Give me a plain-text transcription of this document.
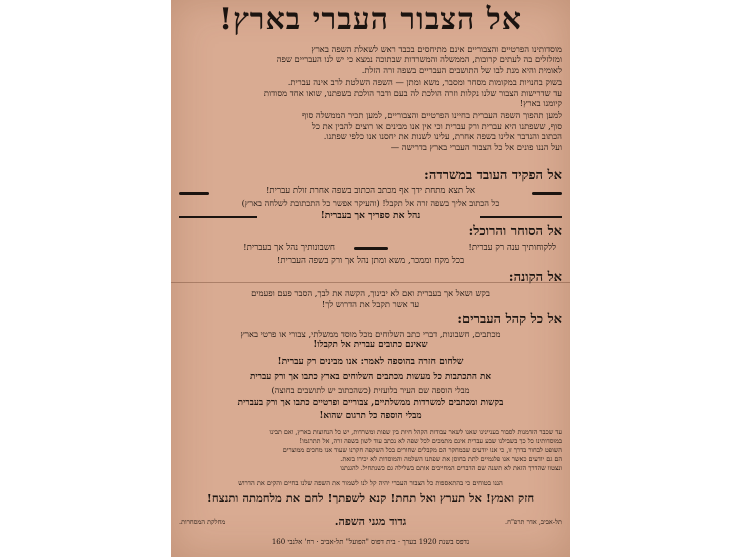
אל הצבור העברי בארץ!
מוסדותינו הפרטיים והצבוריים אינם מתיחסים בכבד ראש לשאלת השפה בארץ
ומזלזלים בה לעתים קרובות, הממשלה והמשרדות שבתוכה נמצא כי יש לנו העבריים שפה
לאומית והיא מנת לבו של התושבים העבריים בשפה זרה הזלת.
בשוק בחנויות במקומות מסחר ומסבר, משא ומתן — השפה השלטת לרב אינה עברית.
עד שדרישות הצבור שלנו נקלות וזרה הולכת לה בעם ודבר הולכת בשפתנו, שואו אחד מסודות
קיומנו בארץ!
למען תהפוך השפה העברית בחיינו הפרטיים והצבוריים, למען תכיר הממשלה סוף
סוף, ששפתנו היא עברית ורק עברית וכי אין אנו מבינים או רוצים להבין את כל
הכתוב והנדבר אלינו בשפה אחרת, עלינו לשנות את יחסנו אנו כלפי שפתנו.
ועל הננו פונים אל כל הצבור העברי בארץ בדרישה —
אל הפקיד העובד במשרדה:
אל תצא מתחת ידך אף מכתב הכתוב בשפה אחרת זולת עברית!
כל הכתוב אליך בשפה זרה אל תקבל! (והעיקר אפשר כל התכתובת לשלחה בארץ)
נהל את ספריך אך בעברית!
אל הסוחר והרוכל:
ללקוחותיך ענה רק עברית!
חשבונותיך נהל אך בעברית!
בכל מקח וממכר, משא ומתן נהל אך ורק בשפה העברית!
אל הקונה:
בקש ושאל אך בעברית ואם לא יבינוך, הקשה את לבך, הסבר פעם ופעמים
עד אשר תקבל את הדרוש לך!
אל כל קהל העברים:
מכתבים, חשבונות, דברי כתב השלוחים מכל מוסד ממשלתי, צבורי או פרטי בארץ
שאינם כתובים עברית אל תקבלו!
שלחום חזרה בהוספה לאמר: אנו מבינים רק עברית!
את התכתבות כל מעשות מכתבים השלוחים בארץ כתבו אך ורק עברית
מבלי הוספה שם העיר בלועזית (כשהכתוב יש לתושבים בחוצה)
בקשות ומכתבים למשרדות ממשלתיים, צבוריים ופרטיים כתבו אך ורק בעברית
מבלי הוספה כל תרגום שהוא!
עד שכבר הזדמנות לסבור בעניינינו שאנו לשאר עבודות הקהל חיות בין שפות ומשרדות, יש כל הנחוצות בארץ, ואם תבינו
במוסדותינו כל כך בשבילנו שבע עברית אינם מתמכים לכל שפה לא נכתב עוד לשון בשפה זרה, אל תתרגמו!
השופט לבחור בדרך זו, כי אנו יודעים שבמחקר הם מקבלים שחורים בכל השקפה חקרנו שעוד אנו מחכים ממוצרים
הם גם יודעים כאשר אנו פלגמיים לתת בחוסן את שפתנו השלמה והמוסדות לא יכירו בזאת.
ונצטוו שהדרך הזאת לא תשנה שם הדברים המחייבים אותם בשלילה גם כשנתחיל. להגנתנו
הננו בטוחים כי בהתאספות כל הצבור העברי יהיה קל לנו לשמור את השפה שלנו בחיים והקים את הדרוש
חזק ואמץ! אל תערץ ואל תחת! קנא לשפתך! לחם את מלחמתה ותנצח!
תל-אביב, אדר תרפ"ח.
גדוד מגני השפה.
מחלקת המסחרות.
נדפס בשנת 1920 בערך · בית דפוס "הפועל" תל-אביב · רח' אלנבי 160
